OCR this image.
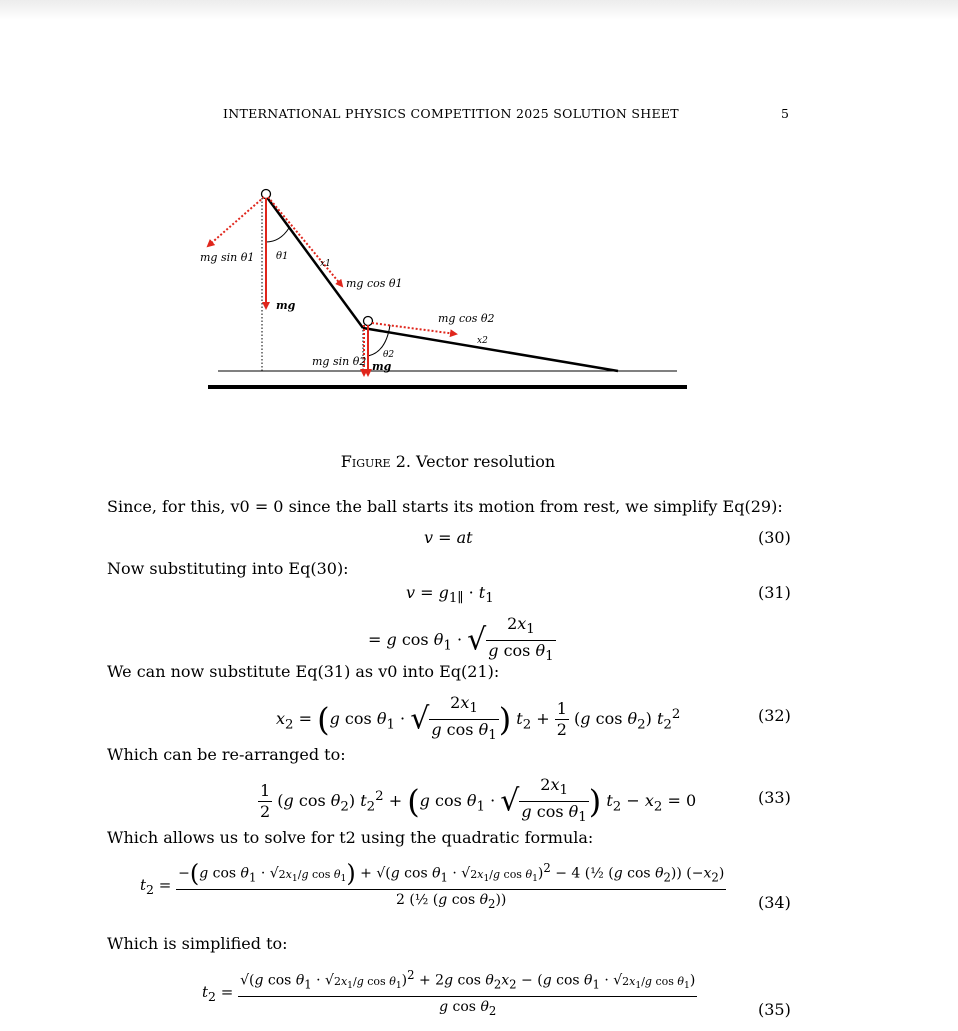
INTERNATIONAL PHYSICS COMPETITION 2025 SOLUTION SHEET	5
mg sin θ1 θ1
x1
mg cos θ1
mg
mg cos θ2
x2
θ2
mg sin θ2 mg
Figure 2. Vector resolution
Since, for this, v0 = 0 since the ball starts its motion from rest, we simplify Eq(29):
v = at	(30)
Now substituting into Eq(30):
$v = g_{1\parallel} \cdot t_1$	(31)
= g $\cos \theta_1$ · √ $\frac{2x_1}{g \cos \theta_1}$
We can now substitute Eq(31) as v0 into Eq(21):
$x_2 = (g$ $\cos \theta_1$ · √ $\frac{2x_1}{g \cos \theta_1}$ ) $t_2 + \frac{1}{2} (g$ $\cos \theta_2$) $t_2^2$	(32)
Which can be re-arranged to:
$\frac{1}{2} (g$ $\cos \theta_2$) $t_2^2 + (g$ $\cos \theta_1$ · √ $\frac{2x_1}{g \cos \theta_1}$ ) $t_2 - x_2 = 0$	(33)
Which allows us to solve for t2 using the quadratic formula:
$t_2$ =
−(g $\cos \theta_1 \cdot √2x_1/g$ $\cos \theta_1) + √(g$ $\cos \theta_1 \cdot √2x_1/g$ $\cos \theta_1)^2 - 4$ (½ (g $\cos \theta_2$)) $(-x_2)$
2 (½ (g $\cos \theta_2$))	(34)
Which is simplified to:
$t_2$ =
√(g $\cos \theta_1 \cdot √2x_1/g$ $\cos \theta_1)^2 + 2g$ $\cos \theta_2x_2 - (g$ $\cos \theta_1 \cdot √2x_1/g$ $\cos \theta_1$)
g $\cos \theta_2$	(35)
